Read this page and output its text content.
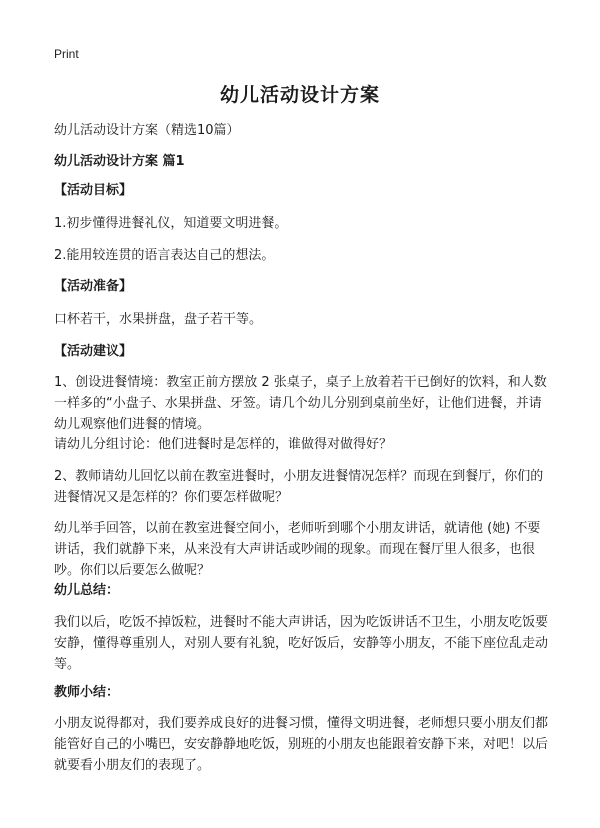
Print
幼儿活动设计方案

幼儿活动设计方案（精选10篇）

幼儿活动设计方案 篇1

【活动目标】

1.初步懂得进餐礼仪，知道要文明进餐。

2.能用较连贯的语言表达自己的想法。

【活动准备】

口杯若干，水果拼盘，盘子若干等。

【活动建议】

1、创设进餐情境：教室正前方摆放 2 张桌子，桌子上放着若干已倒好的饮料，和人数一样多的“小盘子、水果拼盘、牙签。请几个幼儿分别到桌前坐好，让他们进餐，并请幼儿观察他们进餐的情境。

请幼儿分组讨论：他们进餐时是怎样的，谁做得对做得好？

2、教师请幼儿回忆以前在教室进餐时，小朋友进餐情况怎样？而现在到餐厅，你们的进餐情况又是怎样的？你们要怎样做呢？

幼儿举手回答，以前在教室进餐空间小，老师听到哪个小朋友讲话，就请他 (她) 不要讲话，我们就静下来，从来没有大声讲话或吵闹的现象。而现在餐厅里人很多，也很吵。你们以后要怎么做呢？

幼儿总结：

我们以后，吃饭不掉饭粒，进餐时不能大声讲话，因为吃饭讲话不卫生，小朋友吃饭要安静，懂得尊重别人，对别人要有礼貌，吃好饭后，安静等小朋友，不能下座位乱走动等。

教师小结：

小朋友说得都对，我们要养成良好的进餐习惯，懂得文明进餐，老师想只要小朋友们都能管好自己的小嘴巴，安安静静地吃饭，别班的小朋友也能跟着安静下来，对吧！以后就要看小朋友们的表现了。
